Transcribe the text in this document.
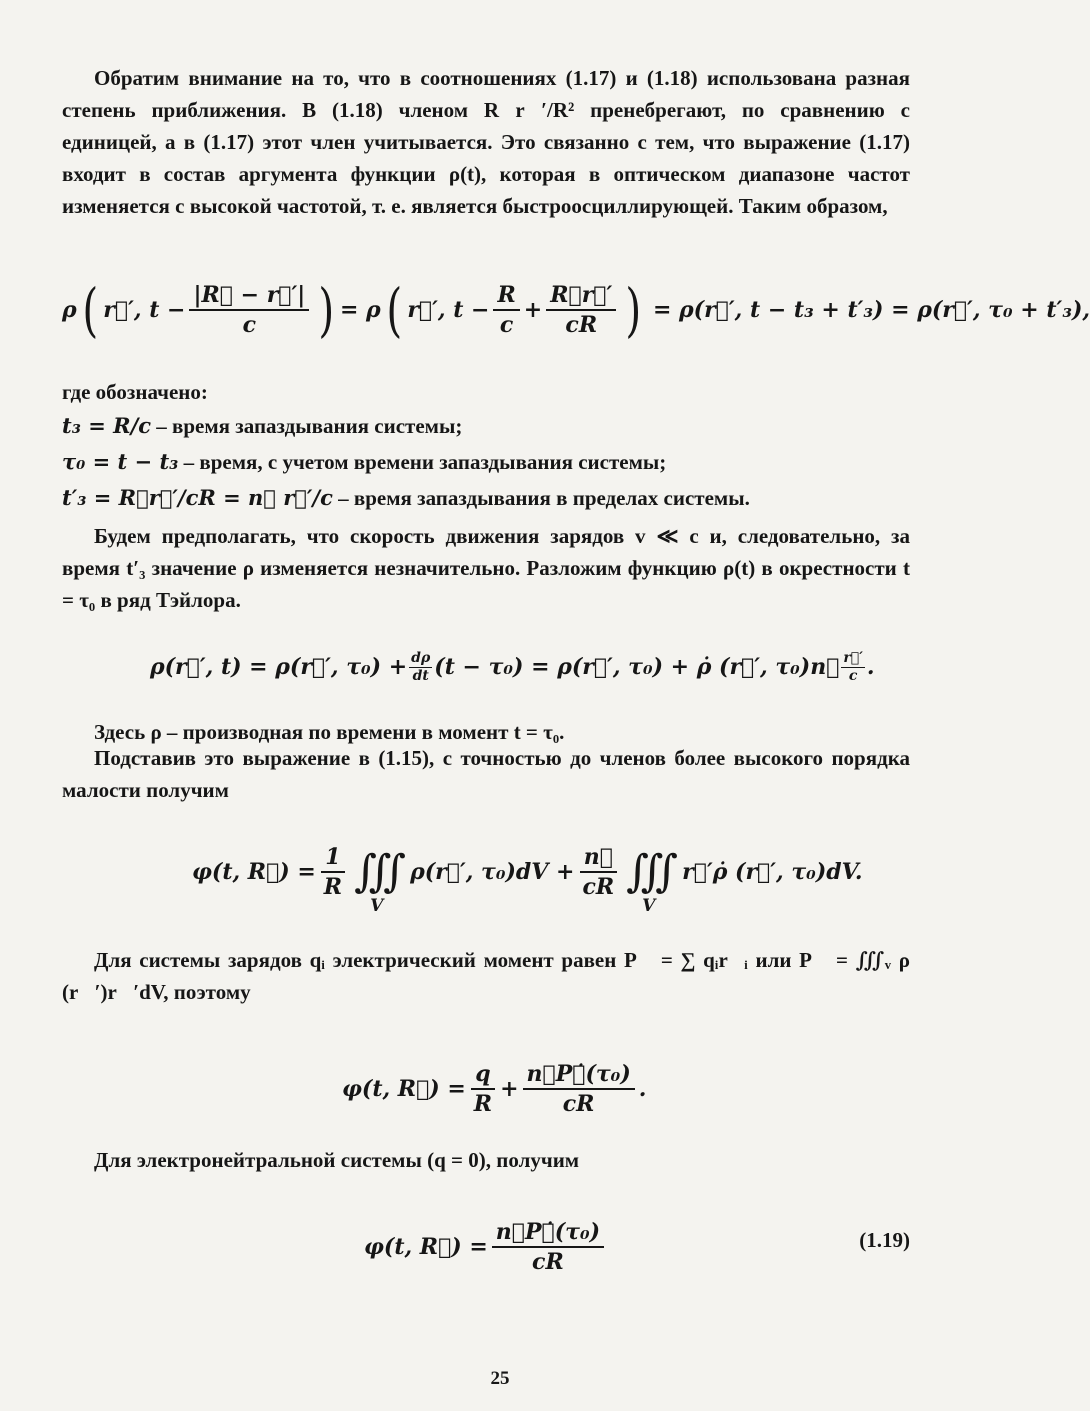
Обратим внимание на то, что в соотношениях (1.17) и (1.18) использована разная степень приближения. В (1.18) членом R⃗r⃗′/R² пренебрегают, по сравнению с единицей, а в (1.17) этот член учитывается. Это связанно с тем, что выражение (1.17) входит в состав аргумента функции ρ(t), которая в оптическом диапазоне частот изменяется с высокой частотой, т. е. является быстроосциллирующей. Таким образом,
ρ ( r⃗′, $t - \frac{|R⃗ - r⃗'|}{c}$ ) = ρ ( r⃗′, $t - \frac{R}{c} + \frac{R⃗r⃗'}{cR}$ ) = ρ(r⃗′, t − t₃ + t′₃) = ρ(r⃗′, τ₀ + t′₃),
где обозначено:
t₃ = R/c – время запаздывания системы;
τ₀ = t − t₃ – время, с учетом времени запаздывания системы;
t′₃ = R⃗r⃗′/cR = n⃗ r⃗′/c – время запаздывания в пределах системы.
Будем предполагать, что скорость движения зарядов v ≪ c и, следовательно, за время t′₃ значение ρ изменяется незначительно. Разложим функцию ρ(t) в окрестности t = τ₀ в ряд Тэйлора.
ρ(r⃗′, t) = ρ(r⃗′, $\tau_0) + \frac{d\rho}{dt} (t - \tau_0)$ = ρ(r⃗′, τ₀) + ρ̇ (r⃗′, τ₀)n⃗ $\frac{r⃗'}{c}$ .
Здесь ρ – производная по времени в момент t = τ₀.
Подставив это выражение в (1.15), с точностью до членов более высокого порядка малости получим
φ(t, R⃗) = $\frac{1}{R}$ ∭
V
ρ(r⃗′, $\tau_0)dV + \frac{n⃗}{cR}$ ∭
V
r⃗′ρ̇ (r⃗′, τ₀)dV.
Для системы зарядов qᵢ электрический момент равен P⃗ = ∑ qᵢr⃗ᵢ или P⃗ = ∭ᵥ ρ (r⃗′)r⃗′dV, поэтому
φ(t, R⃗) = $\frac{q}{R} + \frac{\text{n⃗P⃗̇(τ₀)}}{cR}$ .
Для электронейтральной системы (q = 0), получим
φ(t, R⃗) = $\frac{\text{n⃗P⃗̇(τ₀)}}{cR}$	(1.19)
25
